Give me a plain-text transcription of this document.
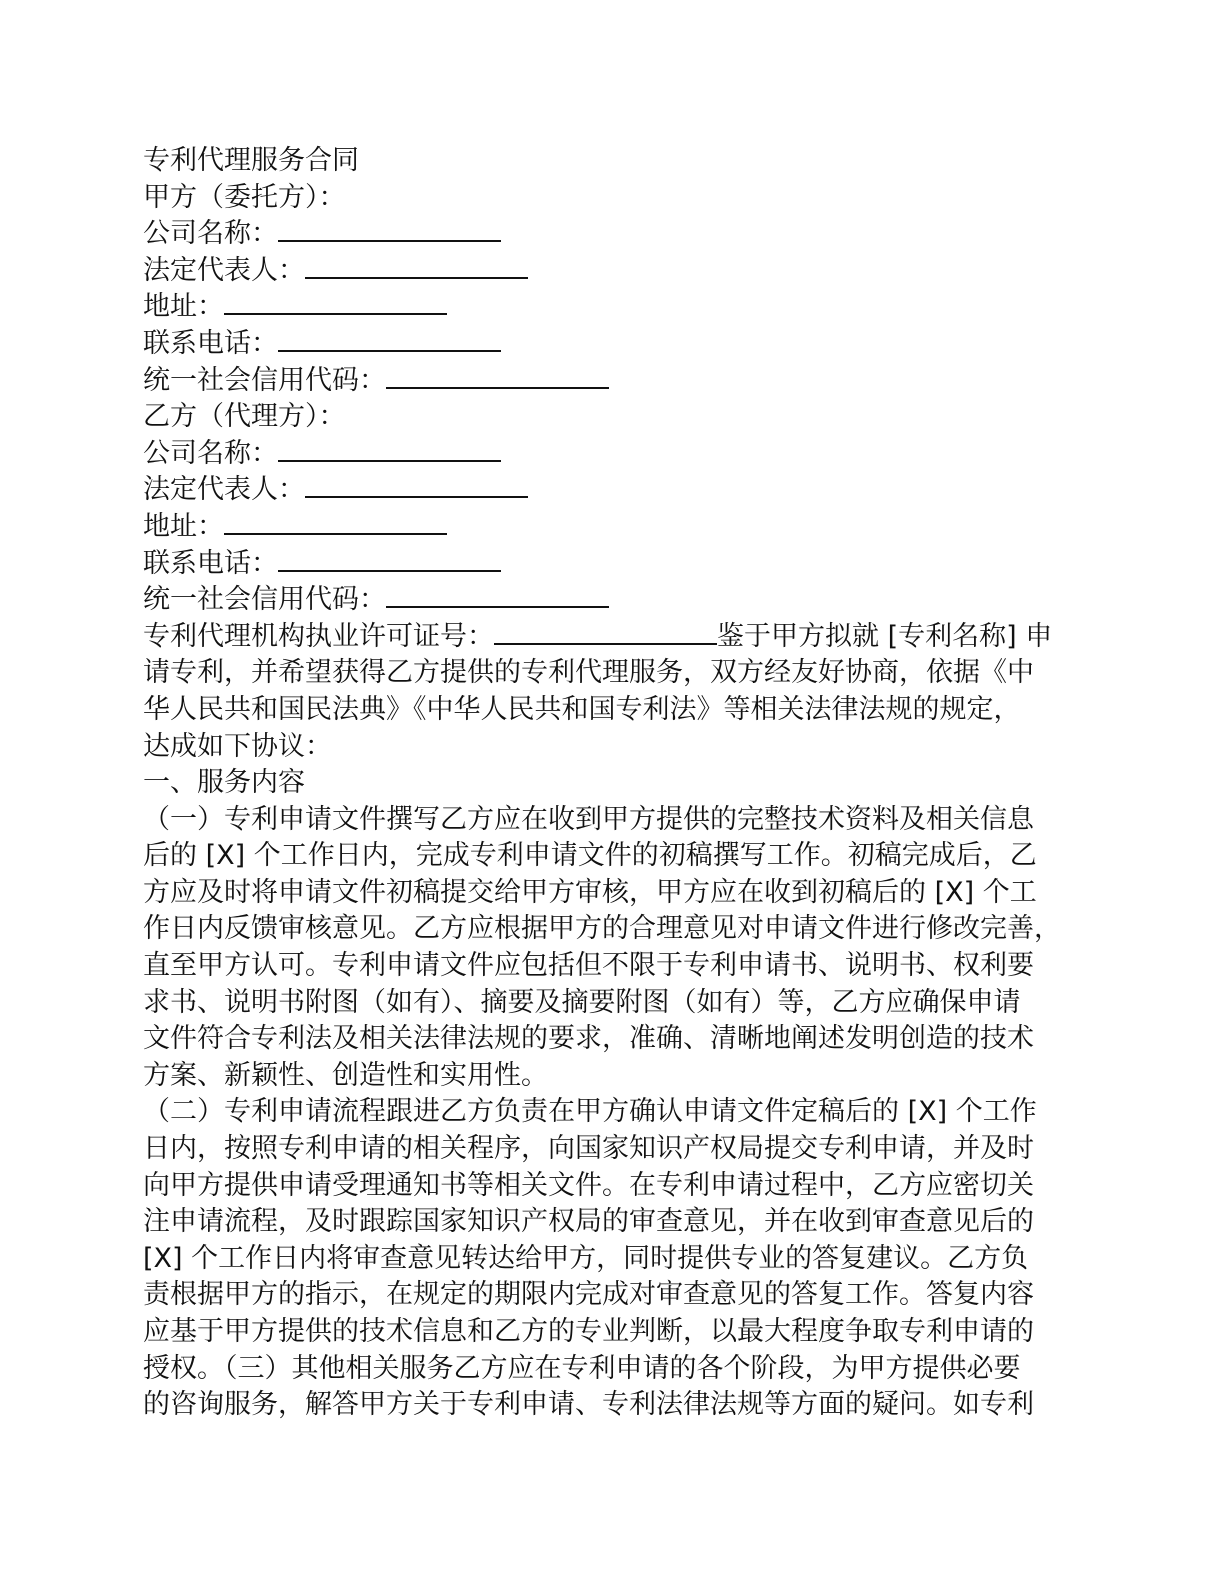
专利代理服务合同
甲方（委托方）：
公司名称：
法定代表人：
地址：
联系电话：
统一社会信用代码：
乙方（代理方）：
公司名称：
法定代表人：
地址：
联系电话：
统一社会信用代码：
专利代理机构执业许可证号：	鉴于甲方拟就 [专利名称] 申
请专利，并希望获得乙方提供的专利代理服务，双方经友好协商，依据《中
华人民共和国民法典》《中华人民共和国专利法》等相关法律法规的规定，
达成如下协议：
一、服务内容
（一）专利申请文件撰写乙方应在收到甲方提供的完整技术资料及相关信息
后的 [X] 个工作日内，完成专利申请文件的初稿撰写工作。初稿完成后，乙
方应及时将申请文件初稿提交给甲方审核，甲方应在收到初稿后的 [X] 个工
作日内反馈审核意见。乙方应根据甲方的合理意见对申请文件进行修改完善，
直至甲方认可。专利申请文件应包括但不限于专利申请书、说明书、权利要
求书、说明书附图（如有）、摘要及摘要附图（如有）等，乙方应确保申请
文件符合专利法及相关法律法规的要求，准确、清晰地阐述发明创造的技术
方案、新颖性、创造性和实用性。
（二）专利申请流程跟进乙方负责在甲方确认申请文件定稿后的 [X] 个工作
日内，按照专利申请的相关程序，向国家知识产权局提交专利申请，并及时
向甲方提供申请受理通知书等相关文件。在专利申请过程中，乙方应密切关
注申请流程，及时跟踪国家知识产权局的审查意见，并在收到审查意见后的
[X] 个工作日内将审查意见转达给甲方，同时提供专业的答复建议。乙方负
责根据甲方的指示，在规定的期限内完成对审查意见的答复工作。答复内容
应基于甲方提供的技术信息和乙方的专业判断，以最大程度争取专利申请的
授权。（三）其他相关服务乙方应在专利申请的各个阶段，为甲方提供必要
的咨询服务，解答甲方关于专利申请、专利法律法规等方面的疑问。如专利
